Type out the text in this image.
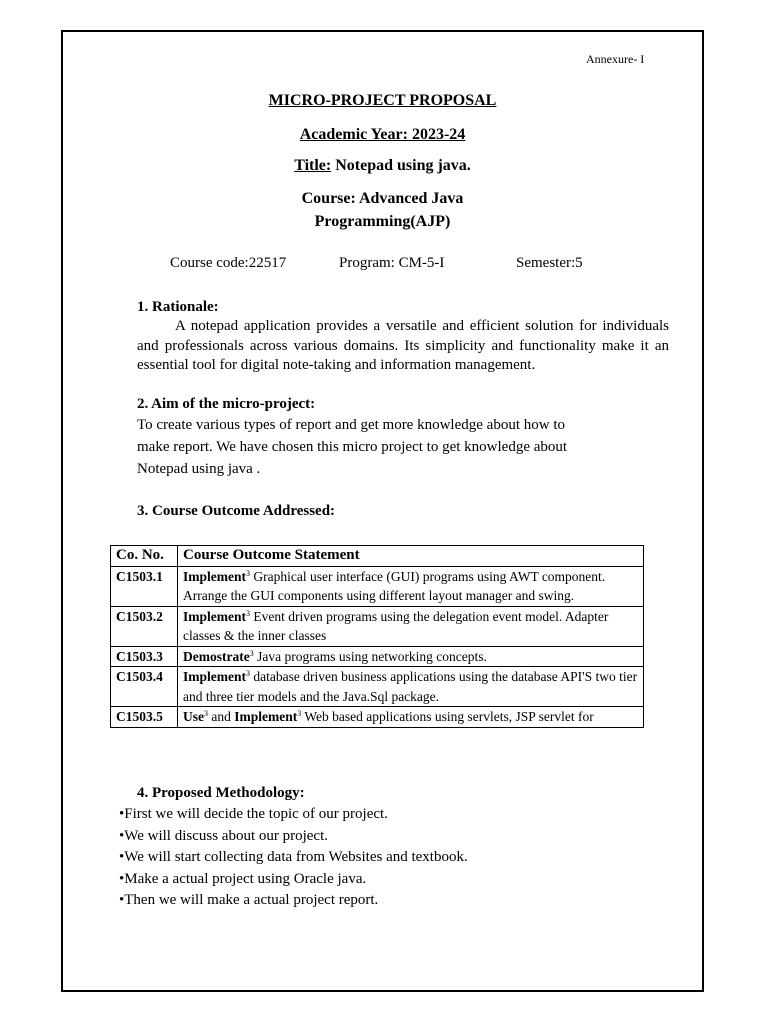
Annexure- I
MICRO-PROJECT PROPOSAL
Academic Year: 2023-24
Title: Notepad using java.
Course: Advanced Java
Programming(AJP)
Course code:22517	Program: CM-5-I	Semester:5
1. Rationale:
A notepad application provides a versatile and efficient solution for individuals and professionals across various domains. Its simplicity and functionality make it an essential tool for digital note-taking and information management.
2. Aim of the micro-project:
To create various types of report and get more knowledge about how to
make report. We have chosen this micro project to get knowledge about
Notepad using java .
3. Course Outcome Addressed:
Co. No.	Course Outcome Statement
C1503.1	Implement$^3$ Graphical user interface (GUI) programs using AWT component. Arrange the GUI components using different layout manager and swing.
C1503.2	Implement$^3$ Event driven programs using the delegation event model. Adapter classes & the inner classes
C1503.3	Demostrate$^3$ Java programs using networking concepts.
C1503.4	Implement$^3$ database driven business applications using the database API'S two tier and three tier models and the Java.Sql package.
C1503.5	Use$^3$ and Implement$^3$ Web based applications using servlets, JSP servlet for
4. Proposed Methodology:
•First we will decide the topic of our project.
•We will discuss about our project.
•We will start collecting data from Websites and textbook.
•Make a actual project using Oracle java.
•Then we will make a actual project report.
